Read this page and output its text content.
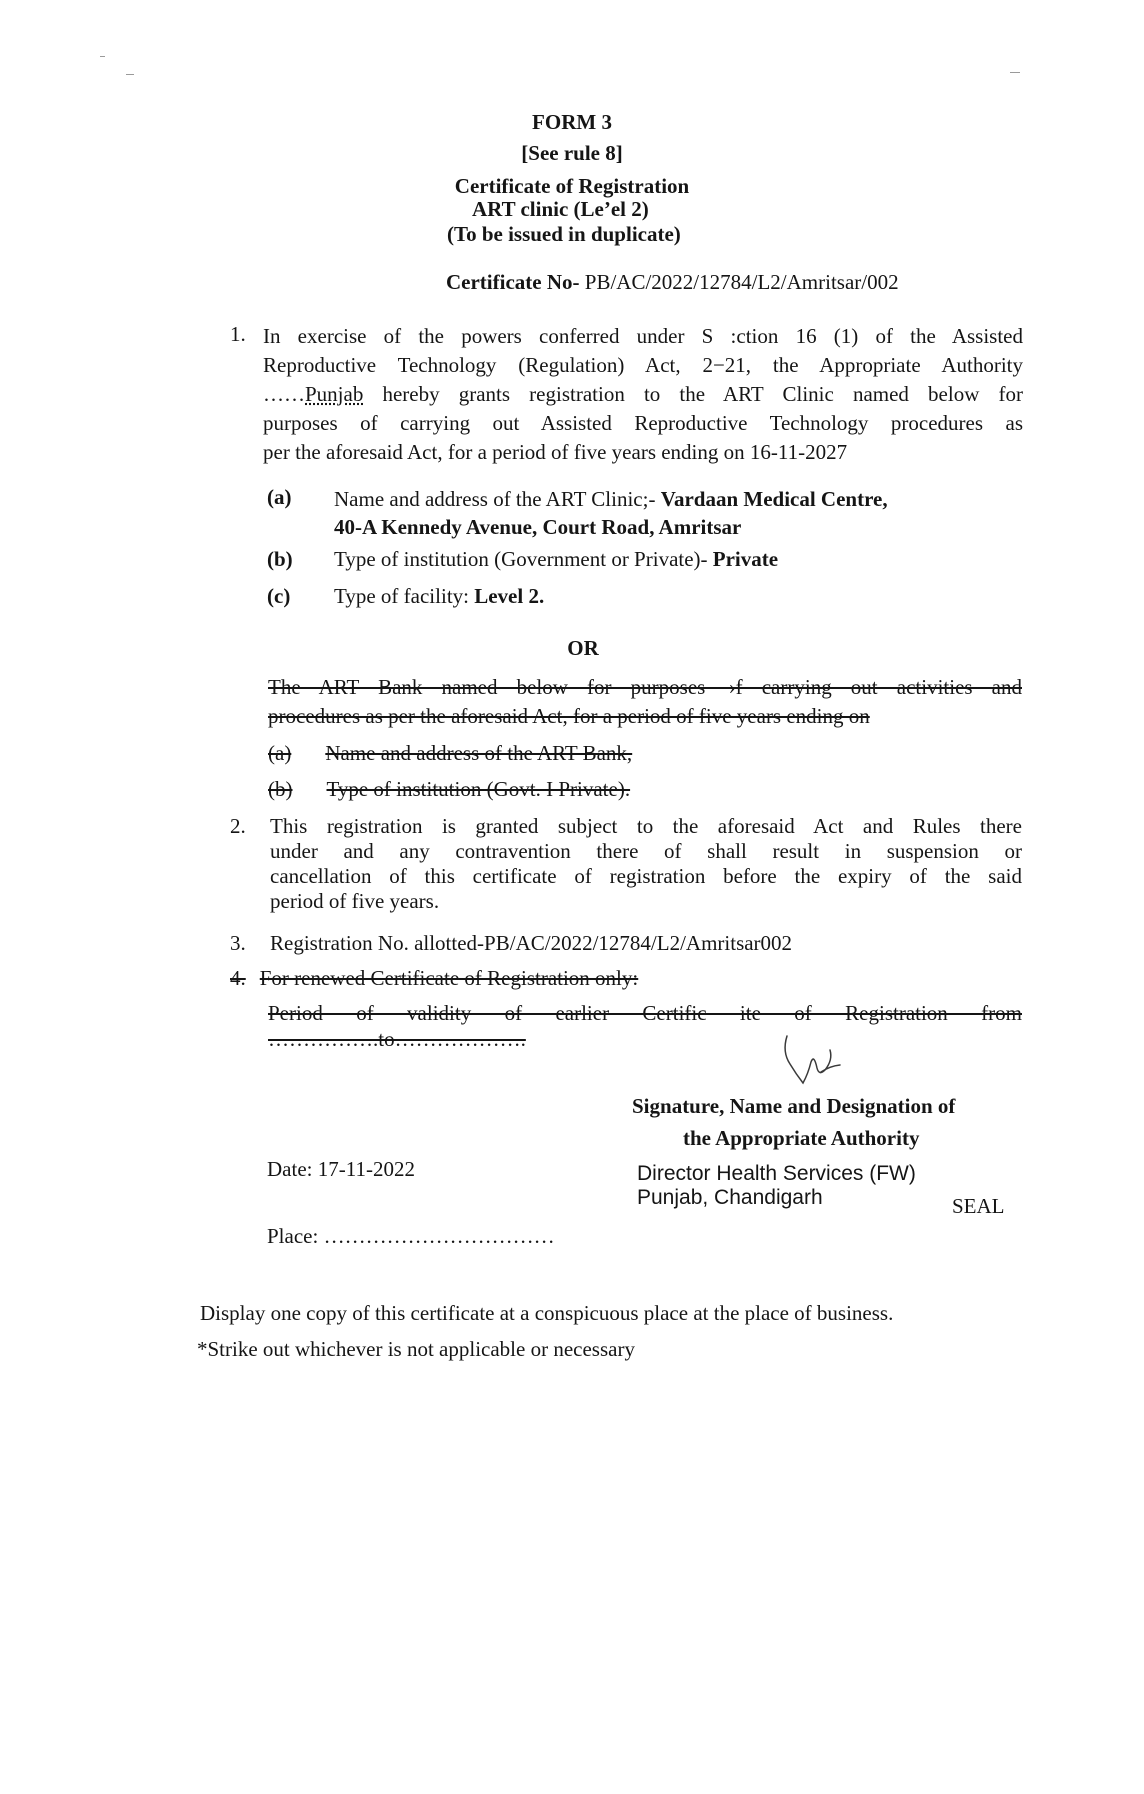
FORM 3
[See rule 8]
Certificate of Registration
ART clinic (Le’el 2)
(To be issued in duplicate)
Certificate No- PB/AC/2022/12784/L2/Amritsar/002
1. In exercise of the powers conferred under S :ction 16 (1) of the Assisted
Reproductive Technology (Regulation) Act, 2−21, the Appropriate Authority
……Punjab hereby grants registration to the ART Clinic named below for
purposes of carrying out Assisted Reproductive Technology procedures as
per the aforesaid Act, for a period of five years ending on 16-11-2027
(a) Name and address of the ART Clinic;- Vardaan Medical Centre,
40-A Kennedy Avenue, Court Road, Amritsar
(b) Type of institution (Government or Private)- Private
(c) Type of facility: Level 2.
OR
The ART Bank named below for purposes  ›f carrying out activities and
procedures as per the aforesaid Act, for a period of five years ending on
(a) Name and address of the ART Bank,
(b) Type of institution (Govt. I Private).
2. This registration is granted subject to the aforesaid Act and Rules there
under and any contravention there of shall result in suspension or
cancellation of this certificate of registration before the expiry of the said
period of five years.
3. Registration No. allotted-PB/AC/2022/12784/L2/Amritsar002
4. For renewed Certificate of Registration only:
Period of validity of earlier Certific ite of Registration from
…………….to……………….
Signature, Name and Designation of
the Appropriate Authority
Director Health Services (FW)
Punjab, Chandigarh	SEAL
Date: 17-11-2022
Place: ……………………………
Display one copy of this certificate at a conspicuous place at the place of business.
*Strike out whichever is not applicable or necessary
